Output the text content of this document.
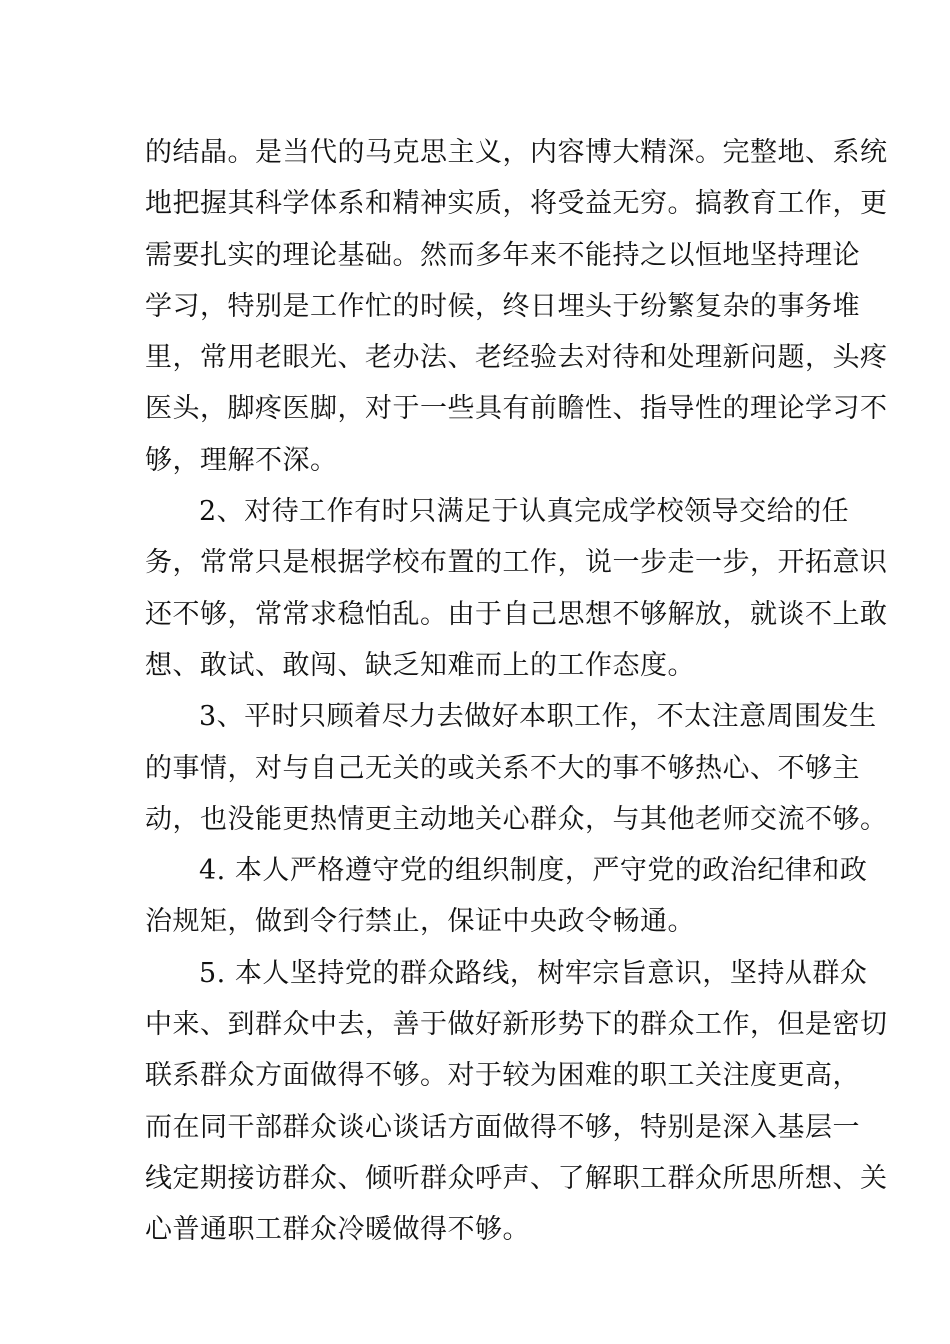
的结晶。是当代的马克思主义，内容博大精深。完整地、系统
地把握其科学体系和精神实质，将受益无穷。搞教育工作，更
需要扎实的理论基础。然而多年来不能持之以恒地坚持理论
学习，特别是工作忙的时候，终日埋头于纷繁复杂的事务堆
里，常用老眼光、老办法、老经验去对待和处理新问题，头疼
医头，脚疼医脚，对于一些具有前瞻性、指导性的理论学习不
够，理解不深。
2、对待工作有时只满足于认真完成学校领导交给的任
务，常常只是根据学校布置的工作，说一步走一步，开拓意识
还不够，常常求稳怕乱。由于自己思想不够解放，就谈不上敢
想、敢试、敢闯、缺乏知难而上的工作态度。
3、平时只顾着尽力去做好本职工作，不太注意周围发生
的事情，对与自己无关的或关系不大的事不够热心、不够主
动，也没能更热情更主动地关心群众，与其他老师交流不够。
4. 本人严格遵守党的组织制度，严守党的政治纪律和政
治规矩，做到令行禁止，保证中央政令畅通。
5. 本人坚持党的群众路线，树牢宗旨意识，坚持从群众
中来、到群众中去，善于做好新形势下的群众工作，但是密切
联系群众方面做得不够。对于较为困难的职工关注度更高，
而在同干部群众谈心谈话方面做得不够，特别是深入基层一
线定期接访群众、倾听群众呼声、了解职工群众所思所想、关
心普通职工群众冷暖做得不够。
